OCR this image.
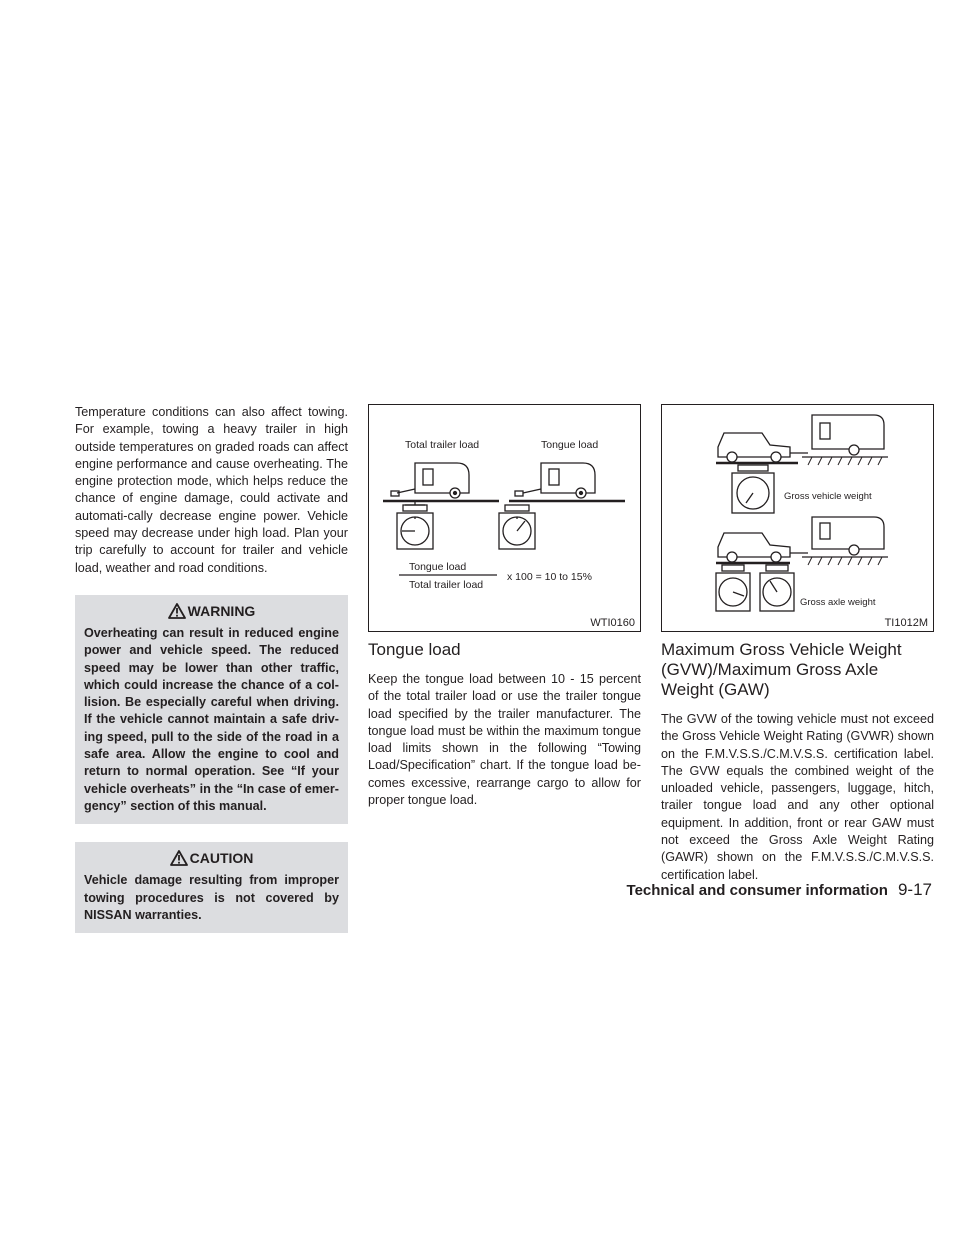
Temperature conditions can also affect towing. For example, towing a heavy trailer in high outside temperatures on graded roads can affect engine performance and cause overheating. The engine protection mode, which helps reduce the chance of engine damage, could activate and automati-cally decrease engine power. Vehicle speed may decrease under high load. Plan your trip carefully to account for trailer and vehicle load, weather and road conditions.

WARNING

Overheating can result in reduced engine power and vehicle speed. The reduced speed may be lower than other traffic, which could increase the chance of a col-lision. Be especially careful when driving. If the vehicle cannot maintain a safe driv-ing speed, pull to the side of the road in a safe area. Allow the engine to cool and return to normal operation. See “If your vehicle overheats” in the “In case of emer-gency” section of this manual.

CAUTION

Vehicle damage resulting from improper towing procedures is not covered by NISSAN warranties.

Total trailer load	Tongue load
Tongue load
Total trailer load
x 100 = 10 to 15%
WTI0160
Tongue load

Keep the tongue load between 10 - 15 percent of the total trailer load or use the trailer tongue load specified by the trailer manufacturer. The tongue load must be within the maximum tongue load limits shown in the following “Towing Load/Specification” chart. If the tongue load be-comes excessive, rearrange cargo to allow for proper tongue load.

Gross vehicle weight
Gross axle weight
TI1012M
Maximum Gross Vehicle Weight (GVW)/Maximum Gross Axle Weight (GAW)

The GVW of the towing vehicle must not exceed the Gross Vehicle Weight Rating (GVWR) shown on the F.M.V.S.S./C.M.V.S.S. certification label. The GVW equals the combined weight of the unloaded vehicle, passengers, luggage, hitch, trailer tongue load and any other optional equipment. In addition, front or rear GAW must not exceed the Gross Axle Weight Rating (GAWR) shown on the F.M.V.S.S./C.M.V.S.S. certification label.

Technical and consumer information 9-17
